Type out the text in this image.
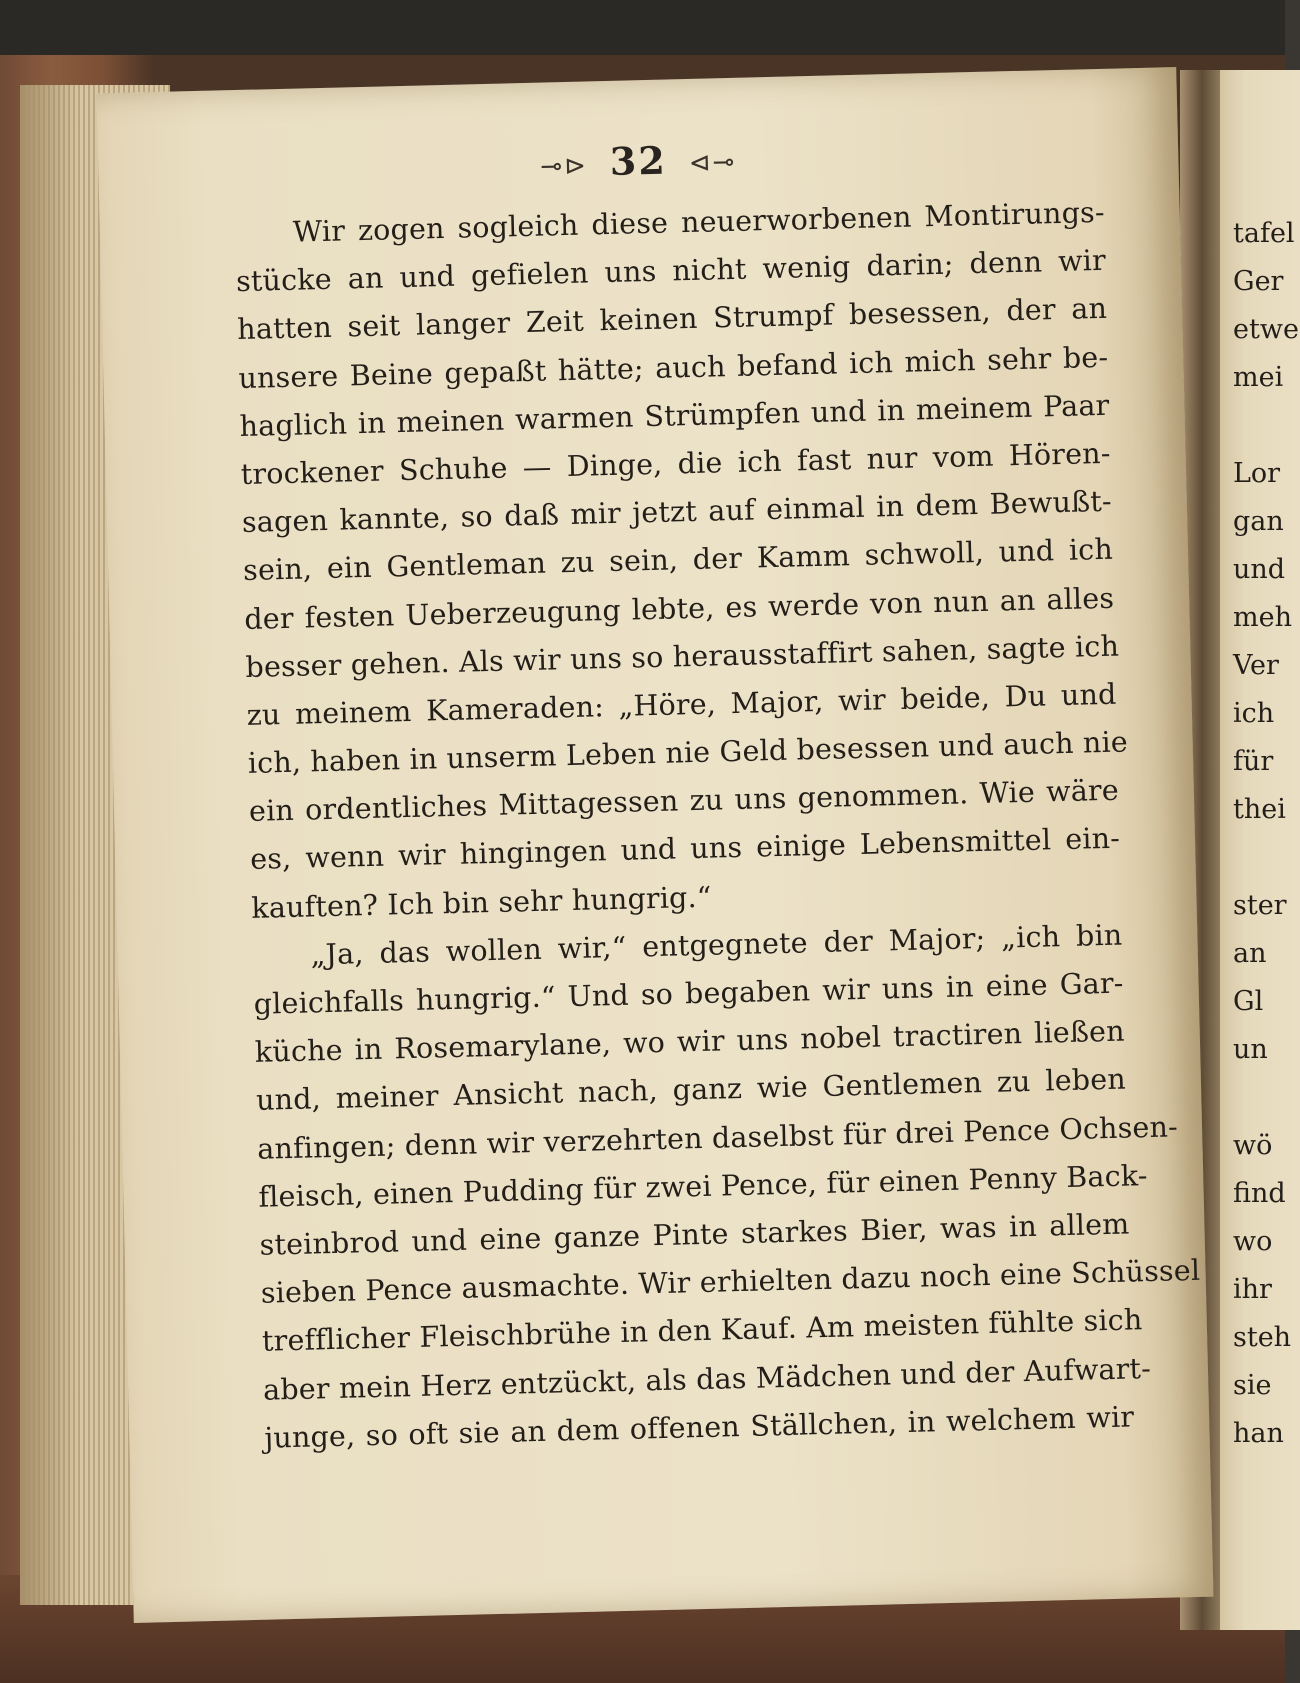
⊸⊳ 32 ⊲⊸
Wir zogen sogleich diese neuerworbenen Montirungs-
stücke an und gefielen uns nicht wenig darin; denn wir
hatten seit langer Zeit keinen Strumpf besessen, der an
unsere Beine gepaßt hätte; auch befand ich mich sehr be-
haglich in meinen warmen Strümpfen und in meinem Paar
trockener Schuhe — Dinge, die ich fast nur vom Hören-
sagen kannte, so daß mir jetzt auf einmal in dem Bewußt-
sein, ein Gentleman zu sein, der Kamm schwoll, und ich
der festen Ueberzeugung lebte, es werde von nun an alles
besser gehen. Als wir uns so herausstaffirt sahen, sagte ich
zu meinem Kameraden: „Höre, Major, wir beide, Du und
ich, haben in unserm Leben nie Geld besessen und auch nie
ein ordentliches Mittagessen zu uns genommen. Wie wäre
es, wenn wir hingingen und uns einige Lebensmittel ein-
kauften? Ich bin sehr hungrig.“
„Ja, das wollen wir,“ entgegnete der Major; „ich bin
gleichfalls hungrig.“ Und so begaben wir uns in eine Gar-
küche in Rosemarylane, wo wir uns nobel tractiren ließen
und, meiner Ansicht nach, ganz wie Gentlemen zu leben
anfingen; denn wir verzehrten daselbst für drei Pence Ochsen-
fleisch, einen Pudding für zwei Pence, für einen Penny Back-
steinbrod und eine ganze Pinte starkes Bier, was in allem
sieben Pence ausmachte. Wir erhielten dazu noch eine Schüssel
trefflicher Fleischbrühe in den Kauf. Am meisten fühlte sich
aber mein Herz entzückt, als das Mädchen und der Aufwart-
junge, so oft sie an dem offenen Ställchen, in welchem wir
tafel
Ger
etwe
mei
Lor
gan
und
meh
Ver
ich
für
thei
ster
an
Gl
un
wö
find
wo
ihr
steh
sie
han
